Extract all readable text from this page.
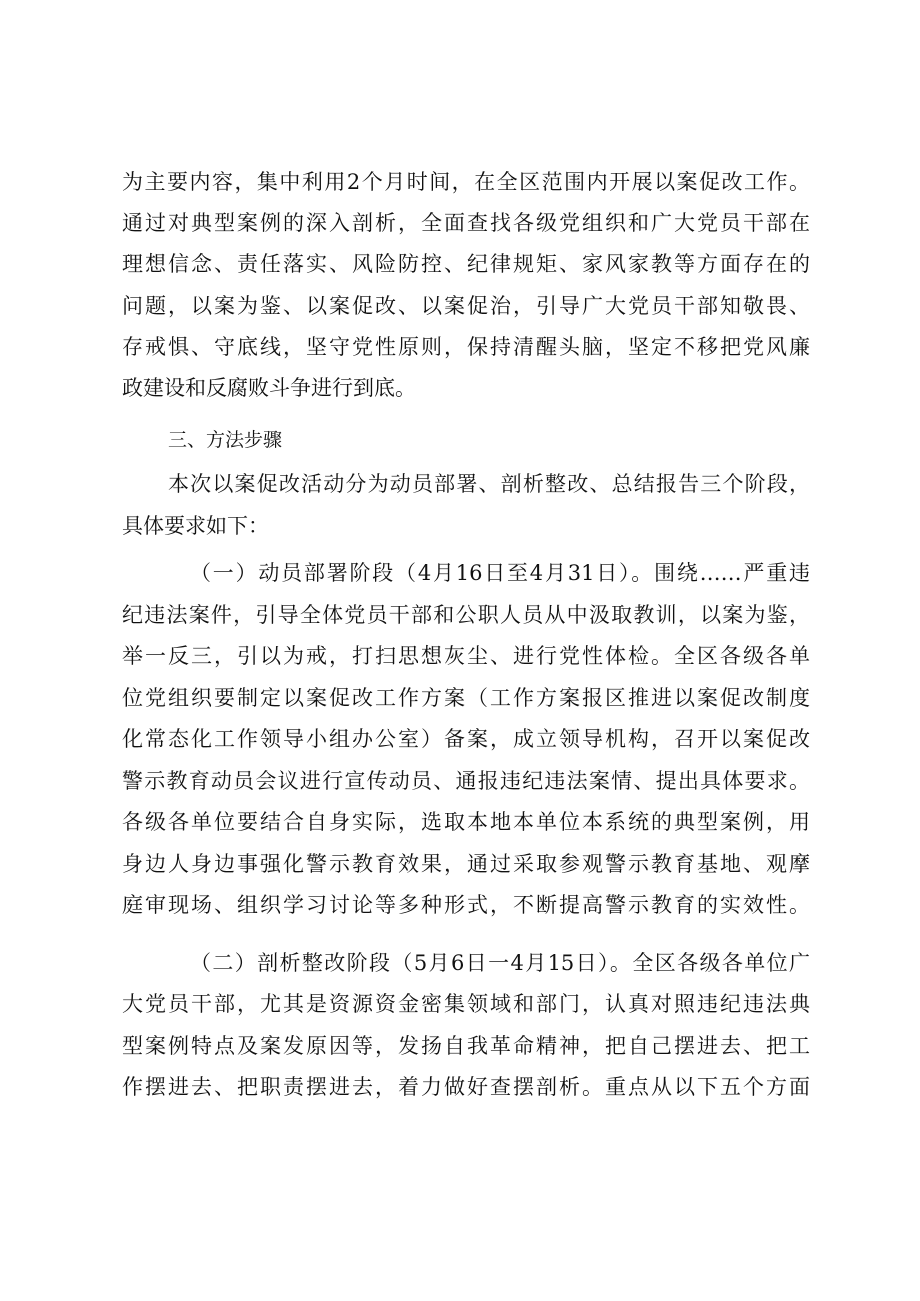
为主要内容，集中利用2个月时间，在全区范围内开展以案促改工作。
通过对典型案例的深入剖析，全面查找各级党组织和广大党员干部在
理想信念、责任落实、风险防控、纪律规矩、家风家教等方面存在的
问题，以案为鉴、以案促改、以案促治，引导广大党员干部知敬畏、
存戒惧、守底线，坚守党性原则，保持清醒头脑，坚定不移把党风廉
政建设和反腐败斗争进行到底。
三、方法步骤
本次以案促改活动分为动员部署、剖析整改、总结报告三个阶段，
具体要求如下：
（一）动员部署阶段（4月16日至4月31日）。围绕……严重违
纪违法案件，引导全体党员干部和公职人员从中汲取教训，以案为鉴，
举一反三，引以为戒，打扫思想灰尘、进行党性体检。全区各级各单
位党组织要制定以案促改工作方案（工作方案报区推进以案促改制度
化常态化工作领导小组办公室）备案，成立领导机构，召开以案促改
警示教育动员会议进行宣传动员、通报违纪违法案情、提出具体要求。
各级各单位要结合自身实际，选取本地本单位本系统的典型案例，用
身边人身边事强化警示教育效果，通过采取参观警示教育基地、观摩
庭审现场、组织学习讨论等多种形式，不断提高警示教育的实效性。
（二）剖析整改阶段（5月6日一4月15日）。全区各级各单位广
大党员干部，尤其是资源资金密集领域和部门，认真对照违纪违法典
型案例特点及案发原因等，发扬自我革命精神，把自己摆进去、把工
作摆进去、把职责摆进去，着力做好查摆剖析。重点从以下五个方面
